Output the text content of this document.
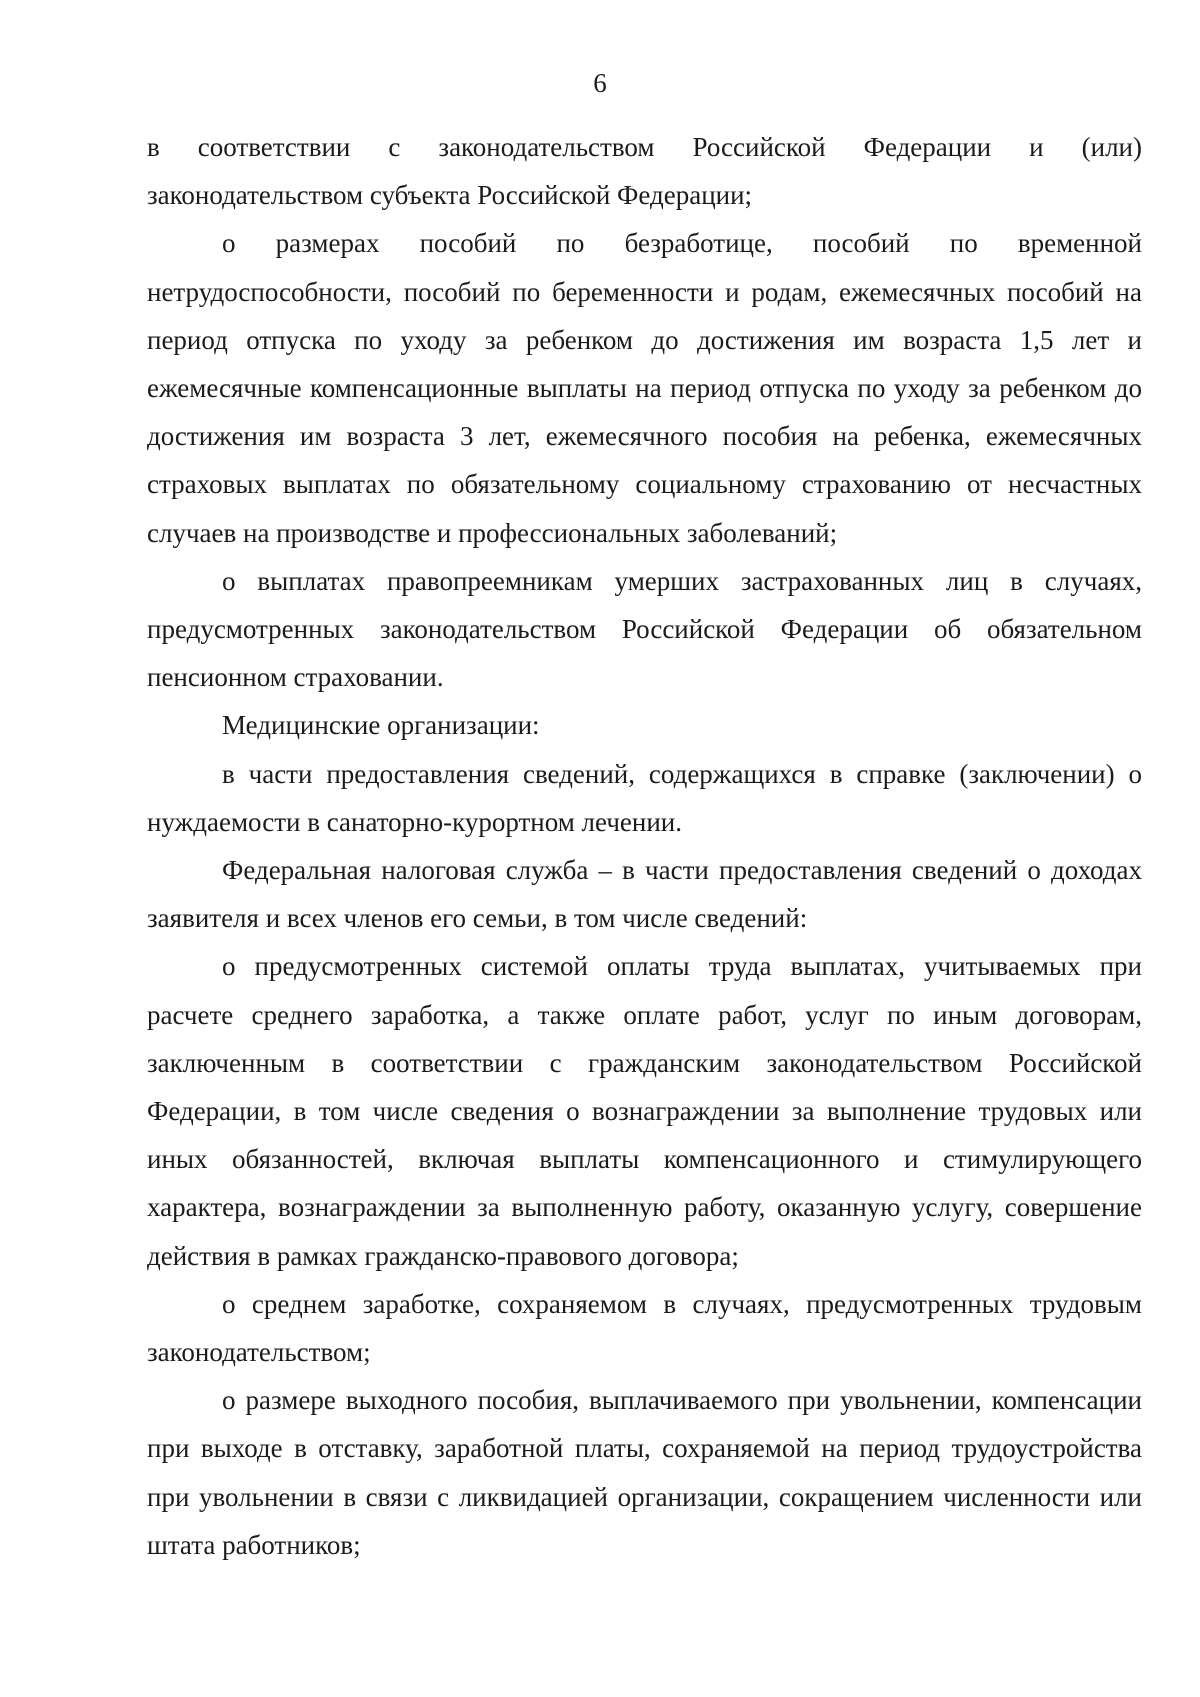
6

в соответствии с законодательством Российской Федерации и (или) законодательством субъекта Российской Федерации;

о размерах пособий по безработице, пособий по временной нетрудоспособности, пособий по беременности и родам, ежемесячных пособий на период отпуска по уходу за ребенком до достижения им возраста 1,5 лет и ежемесячные компенсационные выплаты на период отпуска по уходу за ребенком до достижения им возраста 3 лет, ежемесячного пособия на ребенка, ежемесячных страховых выплатах по обязательному социальному страхованию от несчастных случаев на производстве и профессиональных заболеваний;

о выплатах правопреемникам умерших застрахованных лиц в случаях, предусмотренных законодательством Российской Федерации об обязательном пенсионном страховании.

Медицинские организации:

в части предоставления сведений, содержащихся в справке (заключении) о нуждаемости в санаторно-курортном лечении.

Федеральная налоговая служба – в части предоставления сведений о доходах заявителя и всех членов его семьи, в том числе сведений:

о предусмотренных системой оплаты труда выплатах, учитываемых при расчете среднего заработка, а также оплате работ, услуг по иным договорам, заключенным в соответствии с гражданским законодательством Российской Федерации, в том числе сведения о вознаграждении за выполнение трудовых или иных обязанностей, включая выплаты компенсационного и стимулирующего характера, вознаграждении за выполненную работу, оказанную услугу, совершение действия в рамках гражданско-правового договора;

о среднем заработке, сохраняемом в случаях, предусмотренных трудовым законодательством;

о размере выходного пособия, выплачиваемого при увольнении, компенсации при выходе в отставку, заработной платы, сохраняемой на период трудоустройства при увольнении в связи с ликвидацией организации, сокращением численности или штата работников;
